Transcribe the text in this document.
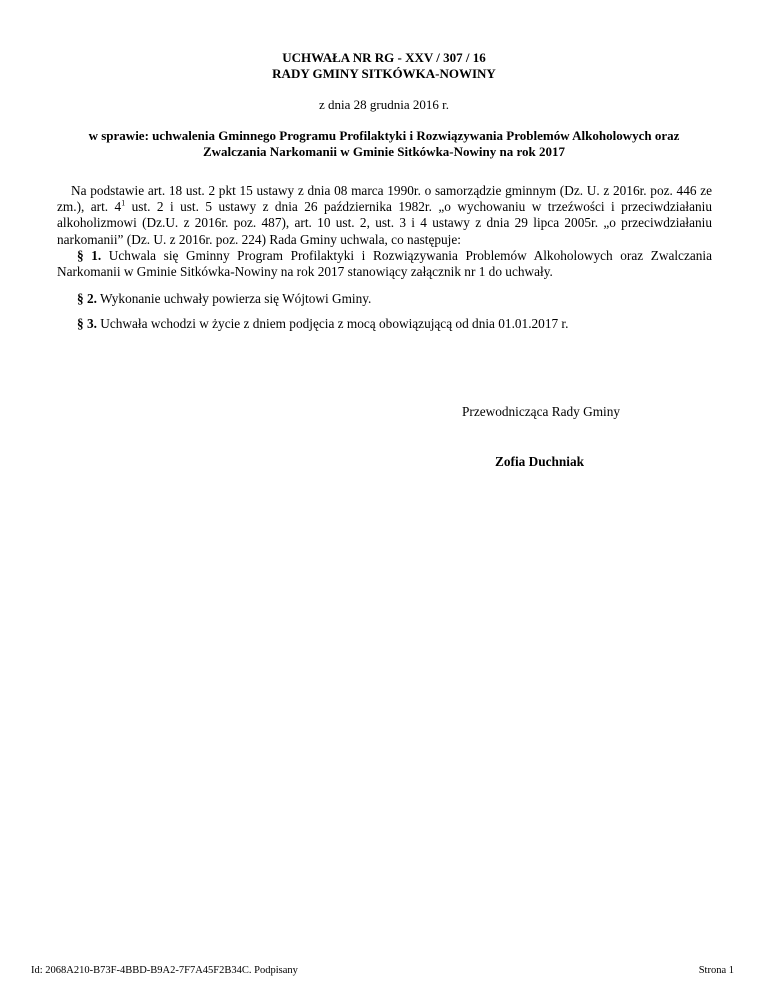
UCHWAŁA NR RG - XXV / 307 / 16
RADY GMINY SITKÓWKA-NOWINY
z dnia 28 grudnia 2016 r.
w sprawie: uchwalenia Gminnego Programu Profilaktyki i Rozwiązywania Problemów Alkoholowych oraz
Zwalczania Narkomanii w Gminie Sitkówka-Nowiny na rok 2017
Na podstawie art. 18 ust. 2 pkt 15 ustawy z dnia 08 marca 1990r. o samorządzie gminnym (Dz. U. z 2016r. poz. 446 ze zm.), art. $4^1$ ust. 2 i ust. 5 ustawy z dnia 26 października 1982r. „o wychowaniu w trzeźwości i przeciwdziałaniu alkoholizmowi (Dz.U. z 2016r. poz. 487), art. 10 ust. 2, ust. 3 i 4 ustawy z dnia 29 lipca 2005r. „o przeciwdziałaniu narkomanii” (Dz. U. z 2016r. poz. 224) Rada Gminy uchwala, co następuje:
§ 1. Uchwala się Gminny Program Profilaktyki i Rozwiązywania Problemów Alkoholowych oraz Zwalczania Narkomanii w Gminie Sitkówka-Nowiny na rok 2017 stanowiący załącznik nr 1 do uchwały.
§ 2. Wykonanie uchwały powierza się Wójtowi Gminy.
§ 3. Uchwała wchodzi w życie z dniem podjęcia z mocą obowiązującą od dnia 01.01.2017 r.
Przewodnicząca Rady Gminy
Zofia Duchniak
Id: 2068A210-B73F-4BBD-B9A2-7F7A45F2B34C. Podpisany	Strona 1
